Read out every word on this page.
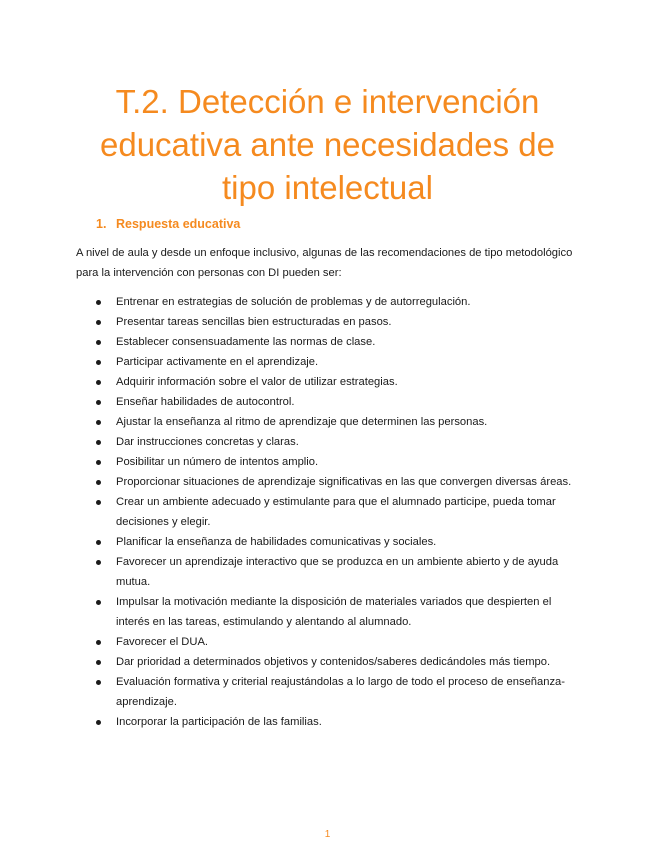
T.2. Detección e intervención
educativa ante necesidades de
tipo intelectual
1. Respuesta educativa

A nivel de aula y desde un enfoque inclusivo, algunas de las recomendaciones de tipo metodológico para la intervención con personas con DI pueden ser:

Entrenar en estrategias de solución de problemas y de autorregulación.
Presentar tareas sencillas bien estructuradas en pasos.
Establecer consensuadamente las normas de clase.
Participar activamente en el aprendizaje.
Adquirir información sobre el valor de utilizar estrategias.
Enseñar habilidades de autocontrol.
Ajustar la enseñanza al ritmo de aprendizaje que determinen las personas.
Dar instrucciones concretas y claras.
Posibilitar un número de intentos amplio.
Proporcionar situaciones de aprendizaje significativas en las que convergen diversas áreas.
Crear un ambiente adecuado y estimulante para que el alumnado participe, pueda tomar decisiones y elegir.
Planificar la enseñanza de habilidades comunicativas y sociales.
Favorecer un aprendizaje interactivo que se produzca en un ambiente abierto y de ayuda mutua.
Impulsar la motivación mediante la disposición de materiales variados que despierten el interés en las tareas, estimulando y alentando al alumnado.
Favorecer el DUA.
Dar prioridad a determinados objetivos y contenidos/saberes dedicándoles más tiempo.
Evaluación formativa y criterial reajustándolas a lo largo de todo el proceso de enseñanza-aprendizaje.
Incorporar la participación de las familias.
1
